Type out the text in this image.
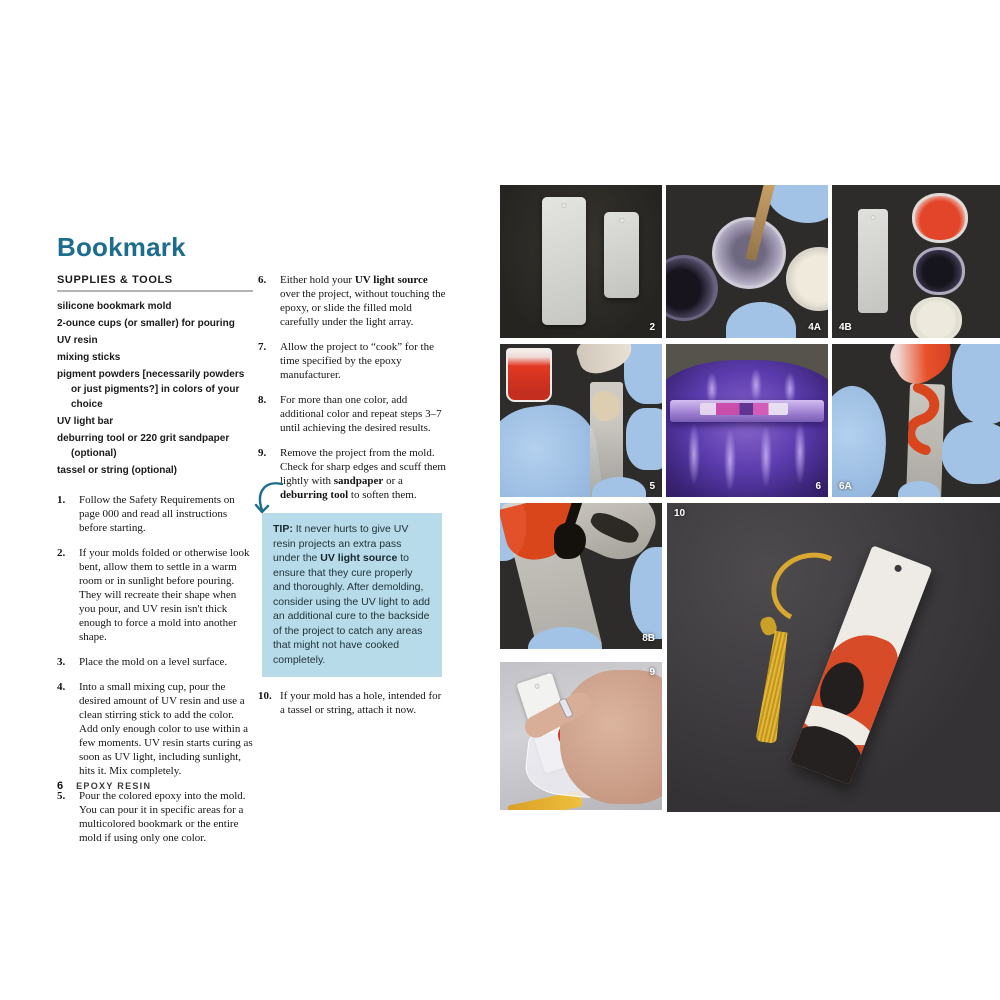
Bookmark
SUPPLIES & TOOLS
silicone bookmark mold
2-ounce cups (or smaller) for pouring
UV resin
mixing sticks
pigment powders [necessarily powders or just pigments?] in colors of your choice
UV light bar
deburring tool or 220 grit sandpaper (optional)
tassel or string (optional)
1.	Follow the Safety Requirements on page 000 and read all instructions before starting.
2.	If your molds folded or otherwise look bent, allow them to settle in a warm room or in sunlight before pouring. They will recreate their shape when you pour, and UV resin isn't thick enough to force a mold into another shape.
3.	Place the mold on a level surface.
4.	Into a small mixing cup, pour the desired amount of UV resin and use a clean stirring stick to add the color. Add only enough color to use within a few moments. UV resin starts curing as soon as UV light, including sunlight, hits it. Mix completely.
5.	Pour the colored epoxy into the mold. You can pour it in specific areas for a multicolored bookmark or the entire mold if using only one color.
6.	Either hold your UV light source over the project, without touching the epoxy, or slide the filled mold carefully under the light array.
7.	Allow the project to “cook” for the time specified by the epoxy manufacturer.
8.	For more than one color, add additional color and repeat steps 3–7 until achieving the desired results.
9.	Remove the project from the mold. Check for sharp edges and scuff them lightly with sandpaper or a deburring tool to soften them.

TIP: It never hurts to give UV resin projects an extra pass under the UV light source to ensure that they cure properly and thoroughly. After demolding, consider using the UV light to add an additional cure to the backside of the project to catch any areas that might not have cooked completely.

10. If your mold has a hole, intended for a tassel or string, attach it now.
6 EPOXY RESIN
2	4A 4B
5	6 6A
8B
10
9
